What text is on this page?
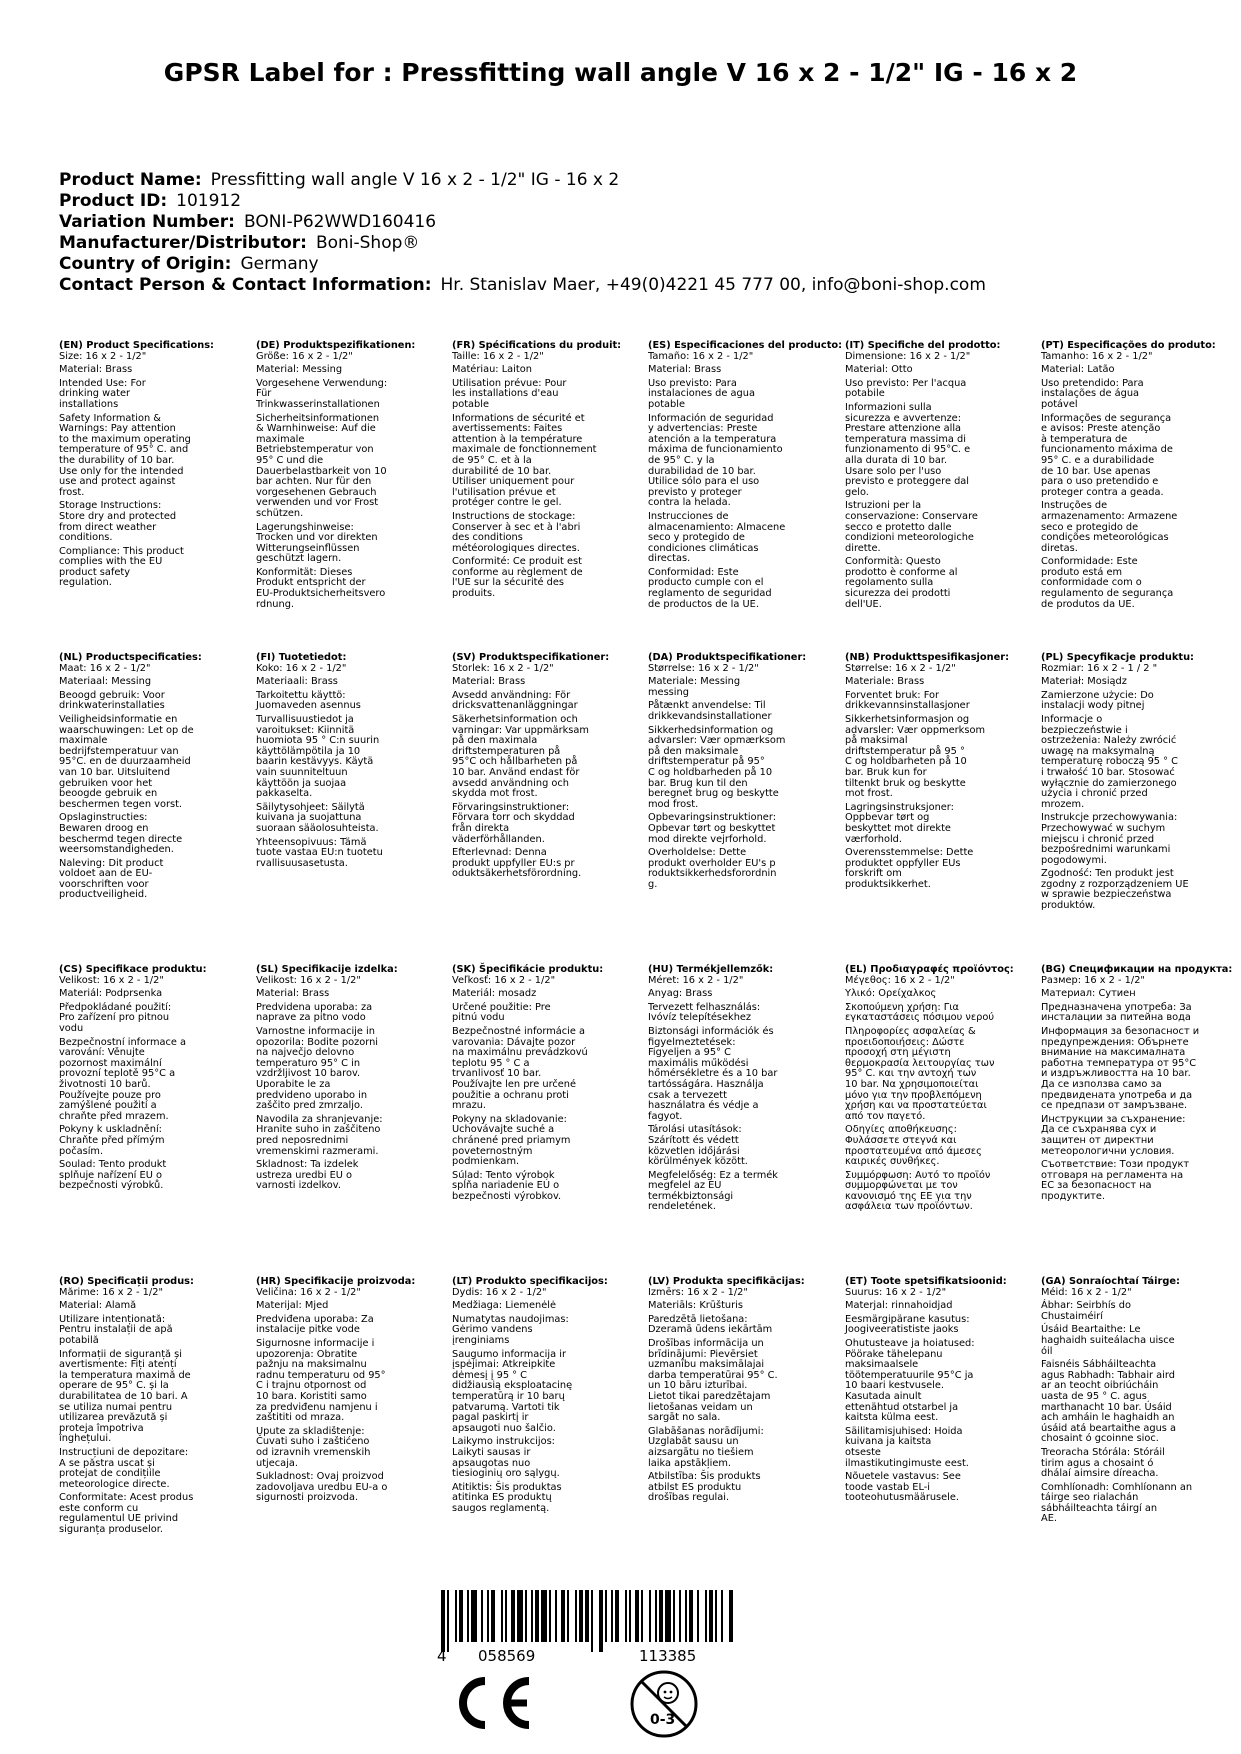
GPSR Label for : Pressfitting wall angle V 16 x 2 - 1/2" IG - 16 x 2
Product Name: Pressfitting wall angle V 16 x 2 - 1/2" IG - 16 x 2
Product ID: 101912
Variation Number: BONI-P62WWD160416
Manufacturer/Distributor: Boni-Shop®
Country of Origin: Germany
Contact Person & Contact Information: Hr. Stanislav Maer, +49(0)4221 45 777 00, info@boni-shop.com
(EN) Product Specifications:
Size: 16 x 2 - 1/2"
Material: Brass
Intended Use: For
drinking water
installations
Safety Information &
Warnings: Pay attention
to the maximum operating
temperature of 95° C. and
the durability of 10 bar.
Use only for the intended
use and protect against
frost.
Storage Instructions:
Store dry and protected
from direct weather
conditions.
Compliance: This product
complies with the EU
product safety
regulation.
(DE) Produktspezifikationen:
Größe: 16 x 2 - 1/2"
Material: Messing
Vorgesehene Verwendung:
Für
Trinkwasserinstallationen
Sicherheitsinformationen
& Warnhinweise: Auf die
maximale
Betriebstemperatur von
95° C und die
Dauerbelastbarkeit von 10
bar achten. Nur für den
vorgesehenen Gebrauch
verwenden und vor Frost
schützen.
Lagerungshinweise:
Trocken und vor direkten
Witterungseinflüssen
geschützt lagern.
Konformität: Dieses
Produkt entspricht der
EU-Produktsicherheitsvero
rdnung.
(FR) Spécifications du produit:
Taille: 16 x 2 - 1/2"
Matériau: Laiton
Utilisation prévue: Pour
les installations d'eau
potable
Informations de sécurité et
avertissements: Faites
attention à la température
maximale de fonctionnement
de 95° C. et à la
durabilité de 10 bar.
Utiliser uniquement pour
l'utilisation prévue et
protéger contre le gel.
Instructions de stockage:
Conserver à sec et à l'abri
des conditions
météorologiques directes.
Conformité: Ce produit est
conforme au règlement de
l'UE sur la sécurité des
produits.
(ES) Especificaciones del producto:
Tamaño: 16 x 2 - 1/2"
Material: Brass
Uso previsto: Para
instalaciones de agua
potable
Información de seguridad
y advertencias: Preste
atención a la temperatura
máxima de funcionamiento
de 95° C. y la
durabilidad de 10 bar.
Utilice sólo para el uso
previsto y proteger
contra la helada.
Instrucciones de
almacenamiento: Almacene
seco y protegido de
condiciones climáticas
directas.
Conformidad: Este
producto cumple con el
reglamento de seguridad
de productos de la UE.
(IT) Specifiche del prodotto:
Dimensione: 16 x 2 - 1/2"
Material: Otto
Uso previsto: Per l'acqua
potabile
Informazioni sulla
sicurezza e avvertenze:
Prestare attenzione alla
temperatura massima di
funzionamento di 95°C. e
alla durata di 10 bar.
Usare solo per l'uso
previsto e proteggere dal
gelo.
Istruzioni per la
conservazione: Conservare
secco e protetto dalle
condizioni meteorologiche
dirette.
Conformità: Questo
prodotto è conforme al
regolamento sulla
sicurezza dei prodotti
dell'UE.
(PT) Especificações do produto:
Tamanho: 16 x 2 - 1/2"
Material: Latão
Uso pretendido: Para
instalações de água
potável
Informações de segurança
e avisos: Preste atenção
à temperatura de
funcionamento máxima de
95° C. e a durabilidade
de 10 bar. Use apenas
para o uso pretendido e
proteger contra a geada.
Instruções de
armazenamento: Armazene
seco e protegido de
condições meteorológicas
diretas.
Conformidade: Este
produto está em
conformidade com o
regulamento de segurança
de produtos da UE.
(NL) Productspecificaties:
Maat: 16 x 2 - 1/2"
Materiaal: Messing
Beoogd gebruik: Voor
drinkwaterinstallaties
Veiligheidsinformatie en
waarschuwingen: Let op de
maximale
bedrijfstemperatuur van
95°C. en de duurzaamheid
van 10 bar. Uitsluitend
gebruiken voor het
beoogde gebruik en
beschermen tegen vorst.
Opslaginstructies:
Bewaren droog en
beschermd tegen directe
weersomstandigheden.
Naleving: Dit product
voldoet aan de EU-
voorschriften voor
productveiligheid.
(FI) Tuotetiedot:
Koko: 16 x 2 - 1/2"
Materiaali: Brass
Tarkoitettu käyttö:
Juomaveden asennus
Turvallisuustiedot ja
varoitukset: Kiinnitä
huomiota 95 ° C:n suurin
käyttölämpötila ja 10
baarin kestävyys. Käytä
vain suunniteltuun
käyttöön ja suojaa
pakkaselta.
Säilytysohjeet: Säilytä
kuivana ja suojattuna
suoraan sääolosuhteista.
Yhteensopivuus: Tämä
tuote vastaa EU:n tuotetu
rvallisuusasetusta.
(SV) Produktspecifikationer:
Storlek: 16 x 2 - 1/2"
Material: Brass
Avsedd användning: För
dricksvattenanläggningar
Säkerhetsinformation och
varningar: Var uppmärksam
på den maximala
driftstemperaturen på
95°C och hållbarheten på
10 bar. Använd endast för
avsedd användning och
skydda mot frost.
Förvaringsinstruktioner:
Förvara torr och skyddad
från direkta
väderförhållanden.
Efterlevnad: Denna
produkt uppfyller EU:s pr
oduktsäkerhetsförordning.
(DA) Produktspecifikationer:
Størrelse: 16 x 2 - 1/2"
Materiale: Messing
messing
Påtænkt anvendelse: Til
drikkevandsinstallationer
Sikkerhedsinformation og
advarsler: Vær opmærksom
på den maksimale
driftstemperatur på 95°
C og holdbarheden på 10
bar. Brug kun til den
beregnet brug og beskytte
mod frost.
Opbevaringsinstruktioner:
Opbevar tørt og beskyttet
mod direkte vejrforhold.
Overholdelse: Dette
produkt overholder EU's p
roduktsikkerhedsforordnin
g.
(NB) Produkttspesifikasjoner:
Størrelse: 16 x 2 - 1/2"
Materiale: Brass
Forventet bruk: For
drikkevannsinstallasjoner
Sikkerhetsinformasjon og
advarsler: Vær oppmerksom
på maksimal
driftstemperatur på 95 °
C og holdbarheten på 10
bar. Bruk kun for
tiltenkt bruk og beskytte
mot frost.
Lagringsinstruksjoner:
Oppbevar tørt og
beskyttet mot direkte
værforhold.
Overensstemmelse: Dette
produktet oppfyller EUs
forskrift om
produktsikkerhet.
(PL) Specyfikacje produktu:
Rozmiar: 16 x 2 - 1 / 2 "
Materiał: Mosiądz
Zamierzone użycie: Do
instalacji wody pitnej
Informacje o
bezpieczeństwie i
ostrzeżenia: Należy zwrócić
uwagę na maksymalną
temperaturę roboczą 95 ° C
i trwałość 10 bar. Stosować
wyłącznie do zamierzonego
użycia i chronić przed
mrozem.
Instrukcje przechowywania:
Przechowywać w suchym
miejscu i chronić przed
bezpośrednimi warunkami
pogodowymi.
Zgodność: Ten produkt jest
zgodny z rozporządzeniem UE
w sprawie bezpieczeństwa
produktów.
(CS) Specifikace produktu:
Velikost: 16 x 2 - 1/2"
Materiál: Podprsenka
Předpokládané použití:
Pro zařízení pro pitnou
vodu
Bezpečnostní informace a
varování: Věnujte
pozornost maximální
provozní teplotě 95°C a
životnosti 10 barů.
Používejte pouze pro
zamýšlené použití a
chraňte před mrazem.
Pokyny k uskladnění:
Chraňte před přímým
počasím.
Soulad: Tento produkt
splňuje nařízení EU o
bezpečnosti výrobků.
(SL) Specifikacije izdelka:
Velikost: 16 x 2 - 1/2"
Material: Brass
Predvidena uporaba: za
naprave za pitno vodo
Varnostne informacije in
opozorila: Bodite pozorni
na največjo delovno
temperaturo 95° C in
vzdržljivost 10 barov.
Uporabite le za
predvideno uporabo in
zaščito pred zmrzaljo.
Navodila za shranjevanje:
Hranite suho in zaščiteno
pred neposrednimi
vremenskimi razmerami.
Skladnost: Ta izdelek
ustreza uredbi EU o
varnosti izdelkov.
(SK) Špecifikácie produktu:
Veľkosť: 16 x 2 - 1/2"
Materiál: mosadz
Určené použitie: Pre
pitnú vodu
Bezpečnostné informácie a
varovania: Dávajte pozor
na maximálnu prevádzkovú
teplotu 95 ° C a
trvanlivosť 10 bar.
Používajte len pre určené
použitie a ochranu proti
mrazu.
Pokyny na skladovanie:
Uchovávajte suché a
chránené pred priamym
poveternostným
podmienkam.
Súlad: Tento výrobok
spĺňa nariadenie EÚ o
bezpečnosti výrobkov.
(HU) Termékjellemzők:
Méret: 16 x 2 - 1/2"
Anyag: Brass
Tervezett felhasználás:
Ivóvíz telepítésekhez
Biztonsági információk és
figyelmeztetések:
Figyeljen a 95° C
maximális működési
hőmérsékletre és a 10 bar
tartósságára. Használja
csak a tervezett
használatra és védje a
fagyot.
Tárolási utasítások:
Szárított és védett
közvetlen időjárási
körülmények között.
Megfelelőség: Ez a termék
megfelel az EU
termékbiztonsági
rendeletének.
(EL) Προδιαγραφές προϊόντος:
Μέγεθος: 16 x 2 - 1/2"
Υλικό: Ορείχαλκος
Σκοπούμενη χρήση: Για
εγκαταστάσεις πόσιμου νερού
Πληροφορίες ασφαλείας &
προειδοποιήσεις: Δώστε
προσοχή στη μέγιστη
θερμοκρασία λειτουργίας των
95° C. και την αντοχή των
10 bar. Να χρησιμοποιείται
μόνο για την προβλεπόμενη
χρήση και να προστατεύεται
από τον παγετό.
Οδηγίες αποθήκευσης:
Φυλάσσετε στεγνά και
προστατευμένα από άμεσες
καιρικές συνθήκες.
Συμμόρφωση: Αυτό το προϊόν
συμμορφώνεται με τον
κανονισμό της ΕΕ για την
ασφάλεια των προϊόντων.
(BG) Спецификации на продукта:
Размер: 16 x 2 - 1/2"
Материал: Сутиен
Предназначена употреба: За
инсталации за питейна вода
Информация за безопасност и
предупреждения: Обърнете
внимание на максималната
работна температура от 95°C
и издръжливостта на 10 bar.
Да се използва само за
предвидената употреба и да
се предпази от замръзване.
Инструкции за съхранение:
Да се съхранява сух и
защитен от директни
метеорологични условия.
Съответствие: Този продукт
отговаря на регламента на
ЕС за безопасност на
продуктите.
(RO) Specificații produs:
Mărime: 16 x 2 - 1/2"
Material: Alamă
Utilizare intenționată:
Pentru instalații de apă
potabilă
Informații de siguranță și
avertismente: Fiți atenți
la temperatura maximă de
operare de 95° C. și la
durabilitatea de 10 bari. A
se utiliza numai pentru
utilizarea prevăzută și
proteja împotriva
înghețului.
Instrucțiuni de depozitare:
A se păstra uscat și
protejat de condițiile
meteorologice directe.
Conformitate: Acest produs
este conform cu
regulamentul UE privind
siguranța produselor.
(HR) Specifikacije proizvoda:
Veličina: 16 x 2 - 1/2"
Materijal: Mjed
Predviđena uporaba: Za
instalacije pitke vode
Sigurnosne informacije i
upozorenja: Obratite
pažnju na maksimalnu
radnu temperaturu od 95°
C i trajnu otpornost od
10 bara. Koristiti samo
za predviđenu namjenu i
zaštititi od mraza.
Upute za skladištenje:
Čuvati suho i zaštićeno
od izravnih vremenskih
utjecaja.
Sukladnost: Ovaj proizvod
zadovoljava uredbu EU-a o
sigurnosti proizvoda.
(LT) Produkto specifikacijos:
Dydis: 16 x 2 - 1/2"
Medžiaga: Liemenėlė
Numatytas naudojimas:
Gėrimo vandens
įrenginiams
Saugumo informacija ir
įspėjimai: Atkreipkite
dėmesį į 95 ° C
didžiausią eksploatacinę
temperatūrą ir 10 barų
patvarumą. Vartoti tik
pagal paskirtį ir
apsaugoti nuo šalčio.
Laikymo instrukcijos:
Laikyti sausas ir
apsaugotas nuo
tiesioginių oro sąlygų.
Atitiktis: Šis produktas
atitinka ES produktų
saugos reglamentą.
(LV) Produkta specifikācijas:
Izmērs: 16 x 2 - 1/2"
Materiāls: Krūšturis
Paredzētā lietošana:
Dzeramā ūdens iekārtām
Drošības informācija un
brīdinājumi: Pievērsiet
uzmanību maksimālajai
darba temperatūrai 95° C.
un 10 bāru izturībai.
Lietot tikai paredzētajam
lietošanas veidam un
sargāt no sala.
Glabāšanas norādījumi:
Uzglabāt sausu un
aizsargātu no tiešiem
laika apstākļiem.
Atbilstība: Šis produkts
atbilst ES produktu
drošības regulai.
(ET) Toote spetsifikatsioonid:
Suurus: 16 x 2 - 1/2"
Materjal: rinnahoidjad
Eesmärgipärane kasutus:
Joogiveeratististe jaoks
Ohutusteave ja hoiatused:
Pöörake tähelepanu
maksimaalsele
töötemperatuurile 95°C ja
10 baari kestvusele.
Kasutada ainult
ettenähtud otstarbel ja
kaitsta külma eest.
Säilitamisjuhised: Hoida
kuivana ja kaitsta
otseste
ilmastikutingimuste eest.
Nõuetele vastavus: See
toode vastab EL-i
tooteohutusmäärusele.
(GA) Sonraíochtaí Táirge:
Méid: 16 x 2 - 1/2"
Ábhar: Seirbhís do
Chustaiméirí
Úsáid Beartaithe: Le
haghaidh suiteálacha uisce
óil
Faisnéis Sábháilteachta
agus Rabhadh: Tabhair aird
ar an teocht oibriúcháin
uasta de 95 ° C. agus
marthanacht 10 bar. Úsáid
ach amháin le haghaidh an
úsáid atá beartaithe agus a
chosaint ó gcoinne sioc.
Treoracha Stórála: Stóráil
tirim agus a chosaint ó
dhálaí aimsire díreacha.
Comhlíonadh: Comhlíonann an
táirge seo rialachán
sábháilteachta táirgí an
AE.
4 058569	113385
0-3
